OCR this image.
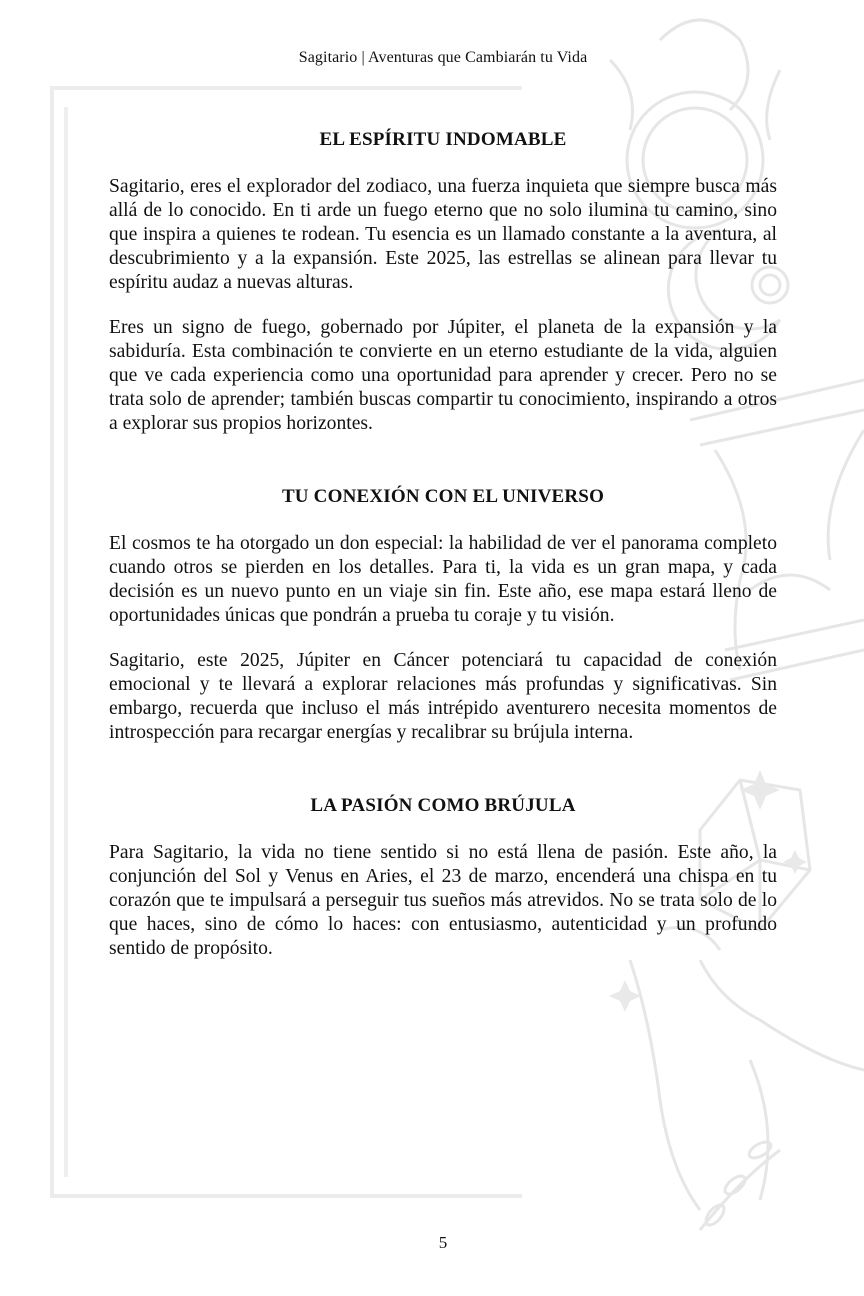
Sagitario | Aventuras que Cambiarán tu Vida
EL ESPÍRITU INDOMABLE

Sagitario, eres el explorador del zodiaco, una fuerza inquieta que siempre busca más allá de lo conocido. En ti arde un fuego eterno que no solo ilumina tu camino, sino que inspira a quienes te rodean. Tu esencia es un llamado constante a la aventura, al descubrimiento y a la expansión. Este 2025, las estrellas se alinean para llevar tu espíritu audaz a nuevas alturas.

Eres un signo de fuego, gobernado por Júpiter, el planeta de la expansión y la sabiduría. Esta combinación te convierte en un eterno estudiante de la vida, alguien que ve cada experiencia como una oportunidad para aprender y crecer. Pero no se trata solo de aprender; también buscas compartir tu conocimiento, inspirando a otros a explorar sus propios horizontes.

TU CONEXIÓN CON EL UNIVERSO

El cosmos te ha otorgado un don especial: la habilidad de ver el panorama completo cuando otros se pierden en los detalles. Para ti, la vida es un gran mapa, y cada decisión es un nuevo punto en un viaje sin fin. Este año, ese mapa estará lleno de oportunidades únicas que pondrán a prueba tu coraje y tu visión.

Sagitario, este 2025, Júpiter en Cáncer potenciará tu capacidad de conexión emocional y te llevará a explorar relaciones más profundas y significativas. Sin embargo, recuerda que incluso el más intrépido aventurero necesita momentos de introspección para recargar energías y recalibrar su brújula interna.

LA PASIÓN COMO BRÚJULA

Para Sagitario, la vida no tiene sentido si no está llena de pasión. Este año, la conjunción del Sol y Venus en Aries, el 23 de marzo, encenderá una chispa en tu corazón que te impulsará a perseguir tus sueños más atrevidos. No se trata solo de lo que haces, sino de cómo lo haces: con entusiasmo, autenticidad y un profundo sentido de propósito.

5
